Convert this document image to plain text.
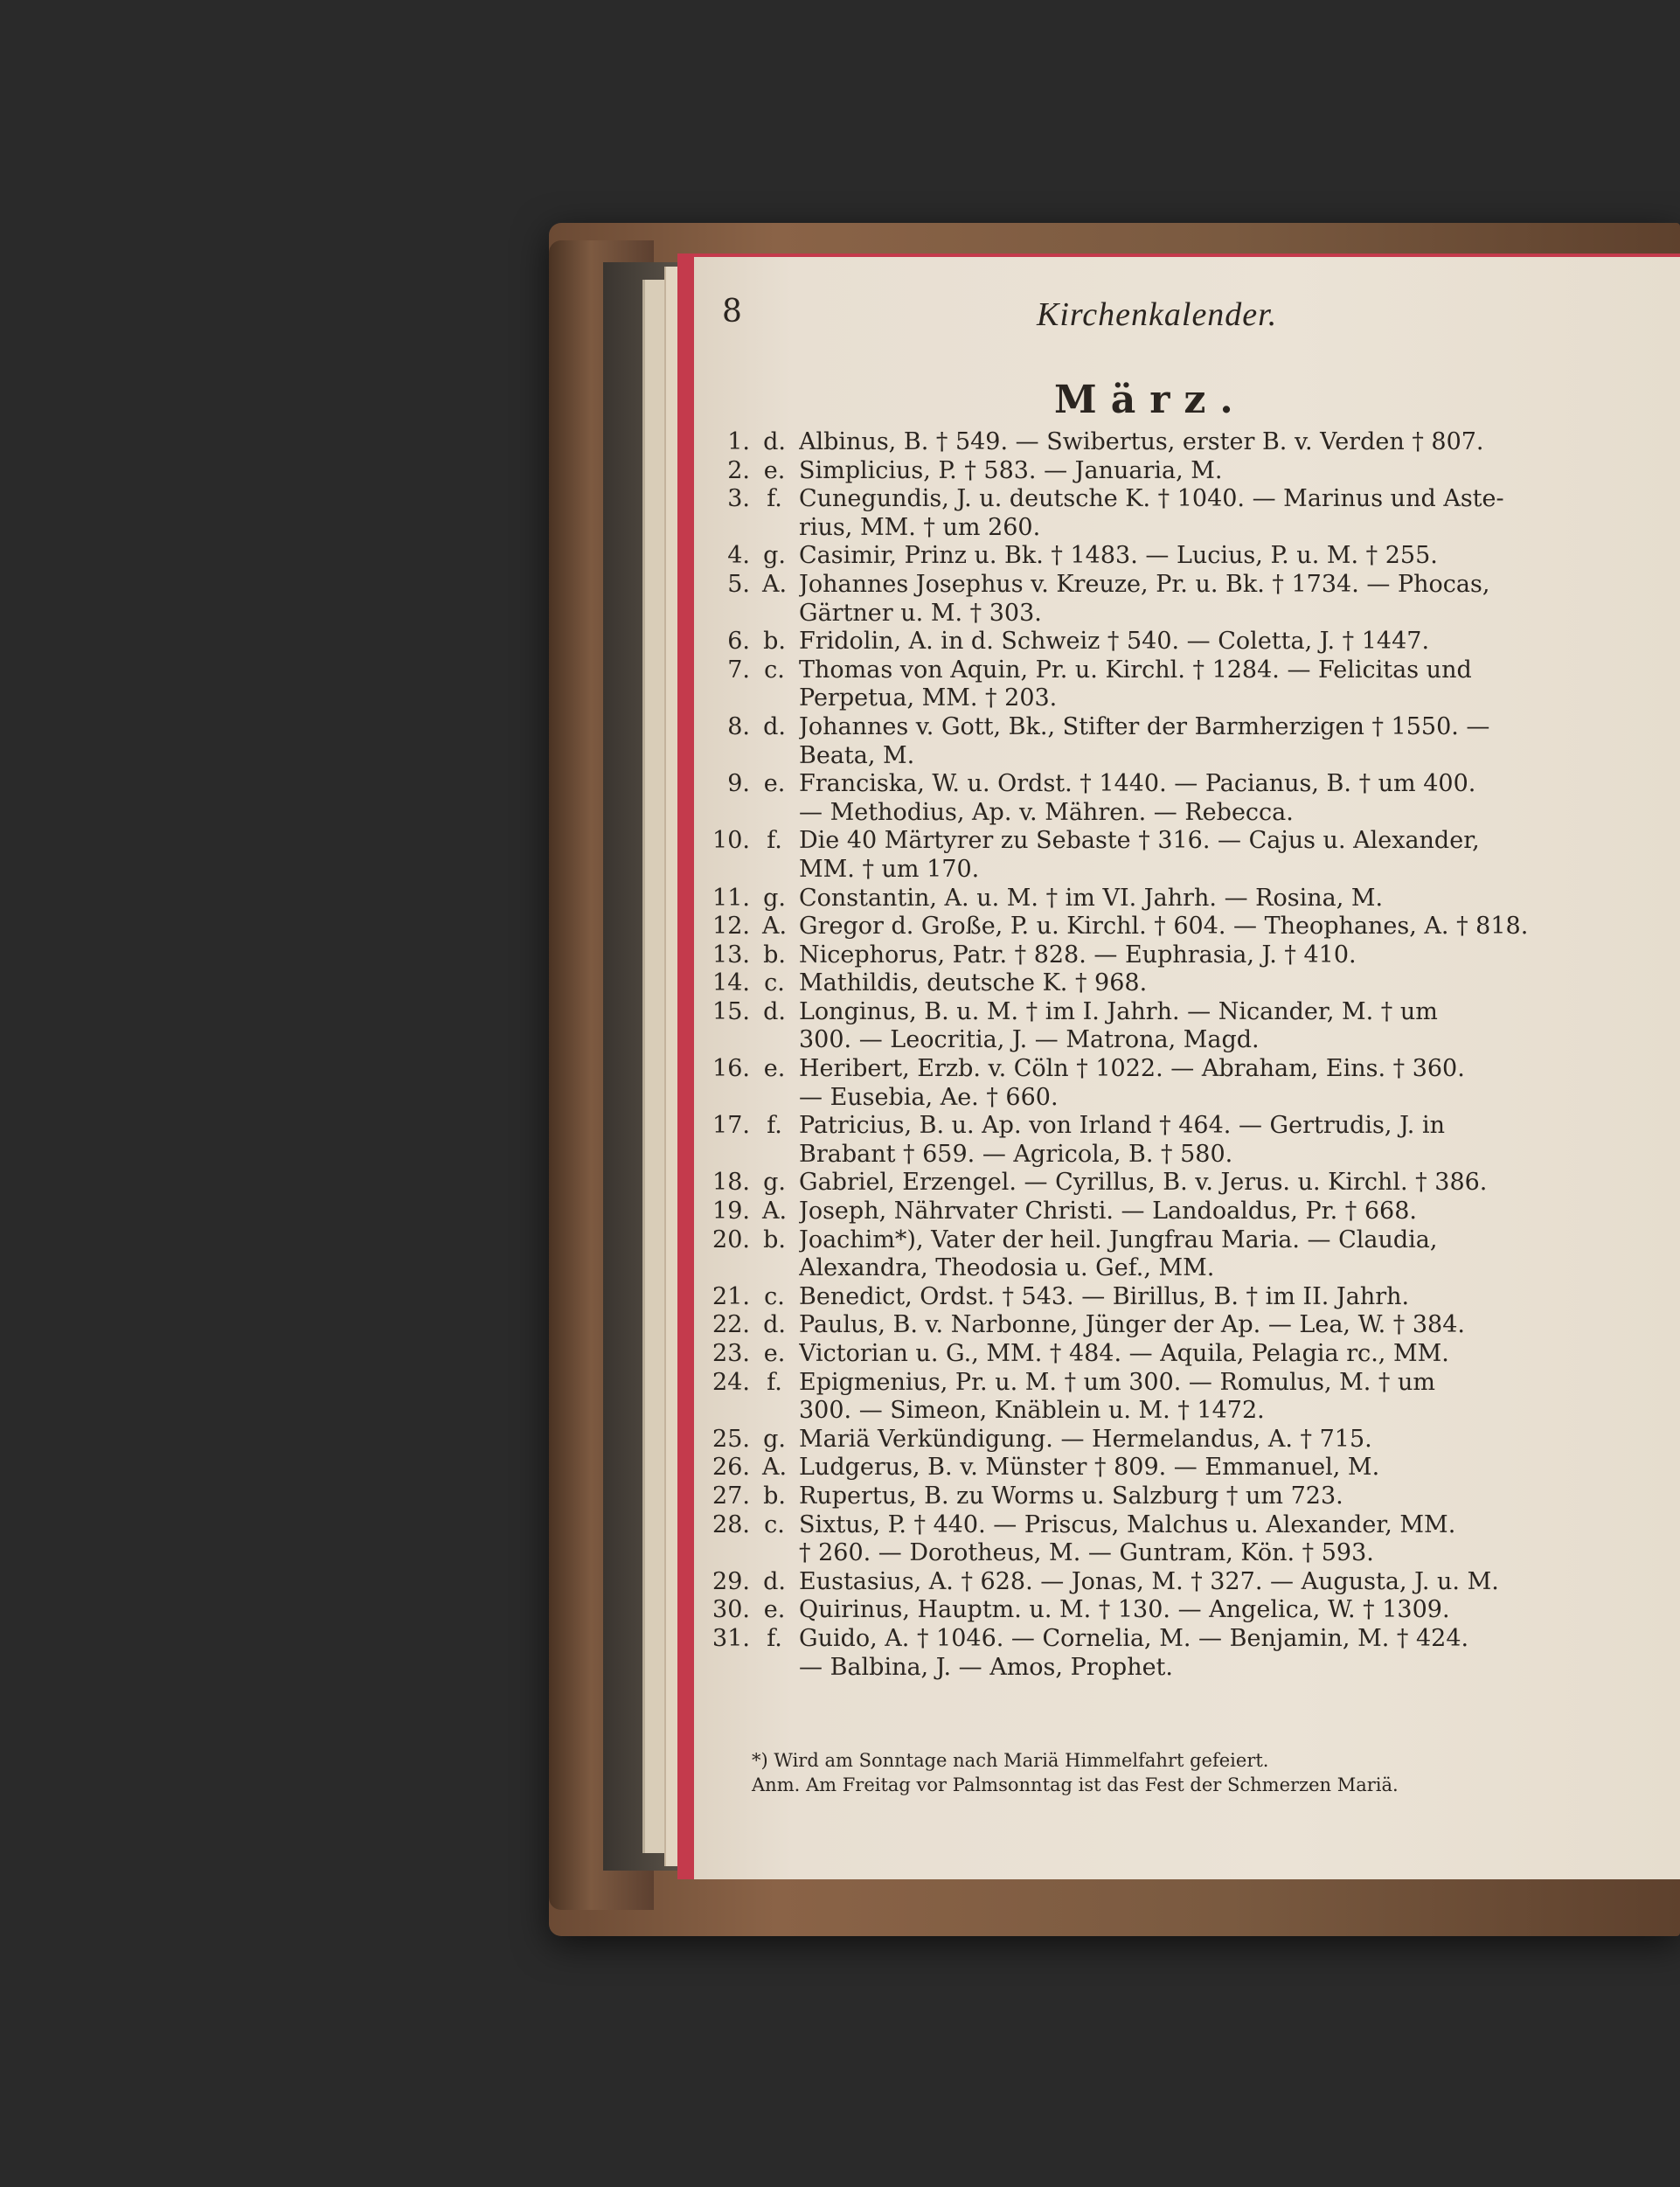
8	Kirchenkalender.
März.
1. d. Albinus, B. † 549. — Swibertus, erster B. v. Verden † 807.
2. e. Simplicius, P. † 583. — Januaria, M.
3. f. Cunegundis, J. u. deutsche K. † 1040. — Marinus und Aste-
rius, MM. † um 260.
4. g. Casimir, Prinz u. Bk. † 1483. — Lucius, P. u. M. † 255.
5. A. Johannes Josephus v. Kreuze, Pr. u. Bk. † 1734. — Phocas,
Gärtner u. M. † 303.
6. b. Fridolin, A. in d. Schweiz † 540. — Coletta, J. † 1447.
7. c. Thomas von Aquin, Pr. u. Kirchl. † 1284. — Felicitas und
Perpetua, MM. † 203.
8. d. Johannes v. Gott, Bk., Stifter der Barmherzigen † 1550. —
Beata, M.
9. e. Franciska, W. u. Ordst. † 1440. — Pacianus, B. † um 400.
— Methodius, Ap. v. Mähren. — Rebecca.
10. f. Die 40 Märtyrer zu Sebaste † 316. — Cajus u. Alexander,
MM. † um 170.
11. g. Constantin, A. u. M. † im VI. Jahrh. — Rosina, M.
12. A. Gregor d. Große, P. u. Kirchl. † 604. — Theophanes, A. † 818.
13. b. Nicephorus, Patr. † 828. — Euphrasia, J. † 410.
14. c. Mathildis, deutsche K. † 968.
15. d. Longinus, B. u. M. † im I. Jahrh. — Nicander, M. † um
300. — Leocritia, J. — Matrona, Magd.
16. e. Heribert, Erzb. v. Cöln † 1022. — Abraham, Eins. † 360.
— Eusebia, Ae. † 660.
17. f. Patricius, B. u. Ap. von Irland † 464. — Gertrudis, J. in
Brabant † 659. — Agricola, B. † 580.
18. g. Gabriel, Erzengel. — Cyrillus, B. v. Jerus. u. Kirchl. † 386.
19. A. Joseph, Nährvater Christi. — Landoaldus, Pr. † 668.
20. b. Joachim*), Vater der heil. Jungfrau Maria. — Claudia,
Alexandra, Theodosia u. Gef., MM.
21. c. Benedict, Ordst. † 543. — Birillus, B. † im II. Jahrh.
22. d. Paulus, B. v. Narbonne, Jünger der Ap. — Lea, W. † 384.
23. e. Victorian u. G., MM. † 484. — Aquila, Pelagia rc., MM.
24. f. Epigmenius, Pr. u. M. † um 300. — Romulus, M. † um
300. — Simeon, Knäblein u. M. † 1472.
25. g. Mariä Verkündigung. — Hermelandus, A. † 715.
26. A. Ludgerus, B. v. Münster † 809. — Emmanuel, M.
27. b. Rupertus, B. zu Worms u. Salzburg † um 723.
28. c. Sixtus, P. † 440. — Priscus, Malchus u. Alexander, MM.
† 260. — Dorotheus, M. — Guntram, Kön. † 593.
29. d. Eustasius, A. † 628. — Jonas, M. † 327. — Augusta, J. u. M.
30. e. Quirinus, Hauptm. u. M. † 130. — Angelica, W. † 1309.
31. f. Guido, A. † 1046. — Cornelia, M. — Benjamin, M. † 424.
— Balbina, J. — Amos, Prophet.
*) Wird am Sonntage nach Mariä Himmelfahrt gefeiert.
Anm. Am Freitag vor Palmsonntag ist das Fest der Schmerzen Mariä.
